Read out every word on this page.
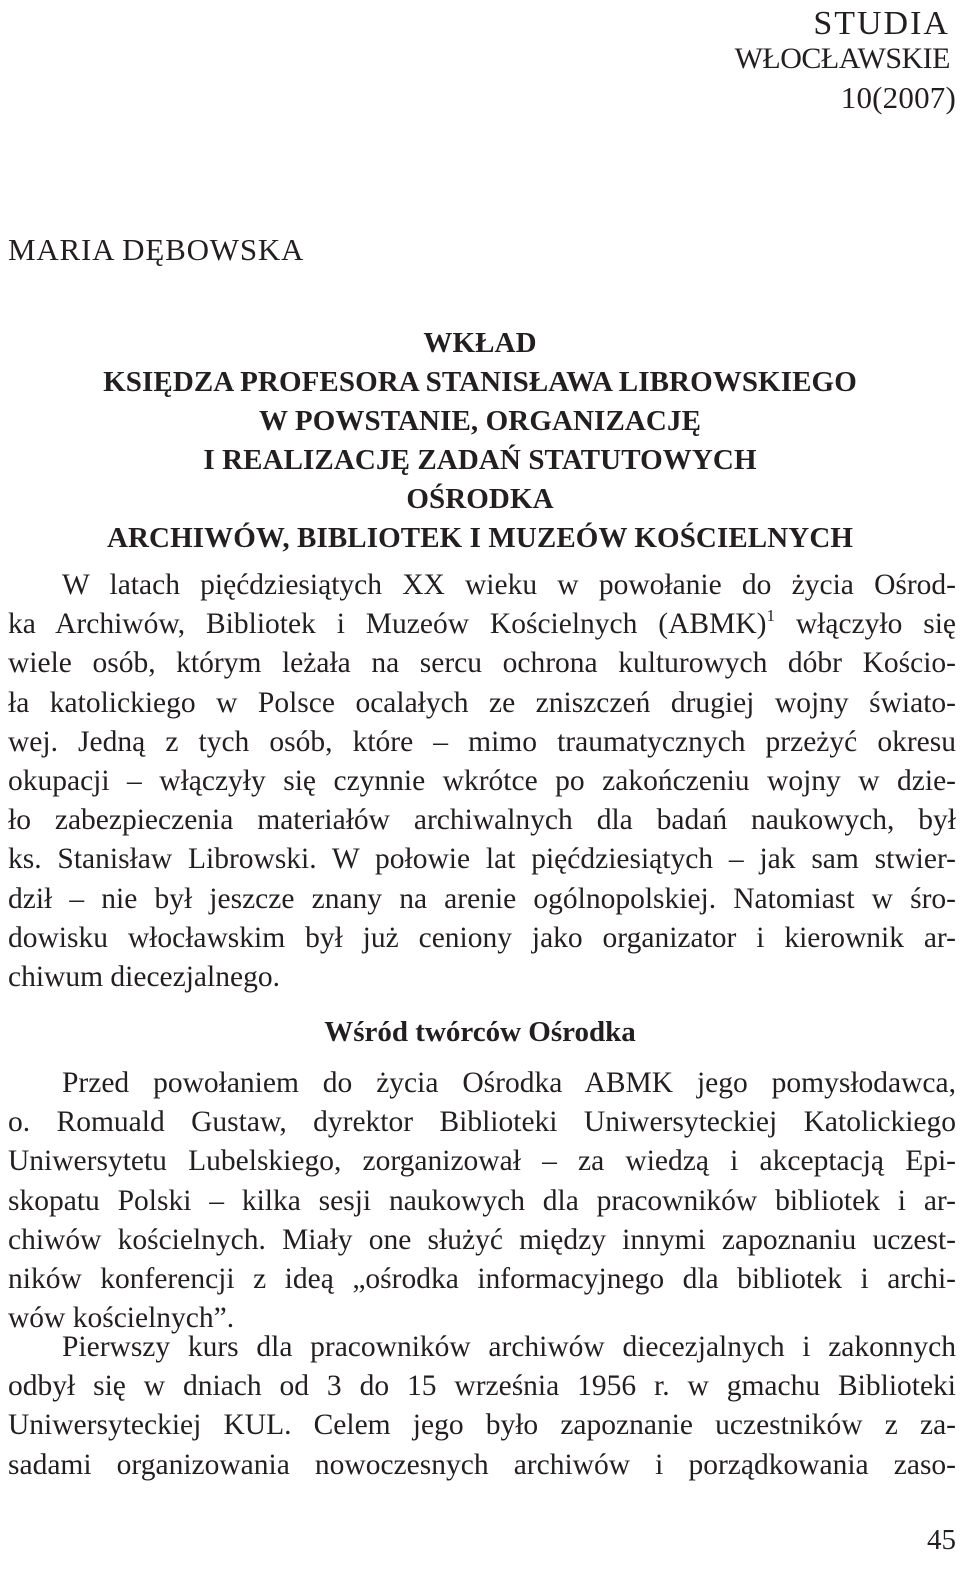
STUDIA
WŁOCŁAWSKIE
10(2007)
MARIA DĘBOWSKA
WKŁAD
KSIĘDZA PROFESORA STANISŁAWA LIBROWSKIEGO
W POWSTANIE, ORGANIZACJĘ
I REALIZACJĘ ZADAŃ STATUTOWYCH
OŚRODKA
ARCHIWÓW, BIBLIOTEK I MUZEÓW KOŚCIELNYCH
W latach pięćdziesiątych XX wieku w powołanie do życia Ośrod-
ka Archiwów, Bibliotek i Muzeów Kościelnych (ABMK)$^1$ włączyło się
wiele osób, którym leżała na sercu ochrona kulturowych dóbr Kościo-
ła katolickiego w Polsce ocalałych ze zniszczeń drugiej wojny świato-
wej. Jedną z tych osób, które – mimo traumatycznych przeżyć okresu
okupacji – włączyły się czynnie wkrótce po zakończeniu wojny w dzie-
ło zabezpieczenia materiałów archiwalnych dla badań naukowych, był
ks. Stanisław Librowski. W połowie lat pięćdziesiątych – jak sam stwier-
dził – nie był jeszcze znany na arenie ogólnopolskiej. Natomiast w śro-
dowisku włocławskim był już ceniony jako organizator i kierownik ar-
chiwum diecezjalnego.
Wśród twórców Ośrodka
Przed powołaniem do życia Ośrodka ABMK jego pomysłodawca,
o. Romuald Gustaw, dyrektor Biblioteki Uniwersyteckiej Katolickiego
Uniwersytetu Lubelskiego, zorganizował – za wiedzą i akceptacją Epi-
skopatu Polski – kilka sesji naukowych dla pracowników bibliotek i ar-
chiwów kościelnych. Miały one służyć między innymi zapoznaniu uczest-
ników konferencji z ideą „ośrodka informacyjnego dla bibliotek i archi-
wów kościelnych”.
Pierwszy kurs dla pracowników archiwów diecezjalnych i zakonnych
odbył się w dniach od 3 do 15 września 1956 r. w gmachu Biblioteki
Uniwersyteckiej KUL. Celem jego było zapoznanie uczestników z za-
sadami organizowania nowoczesnych archiwów i porządkowania zaso-
45
